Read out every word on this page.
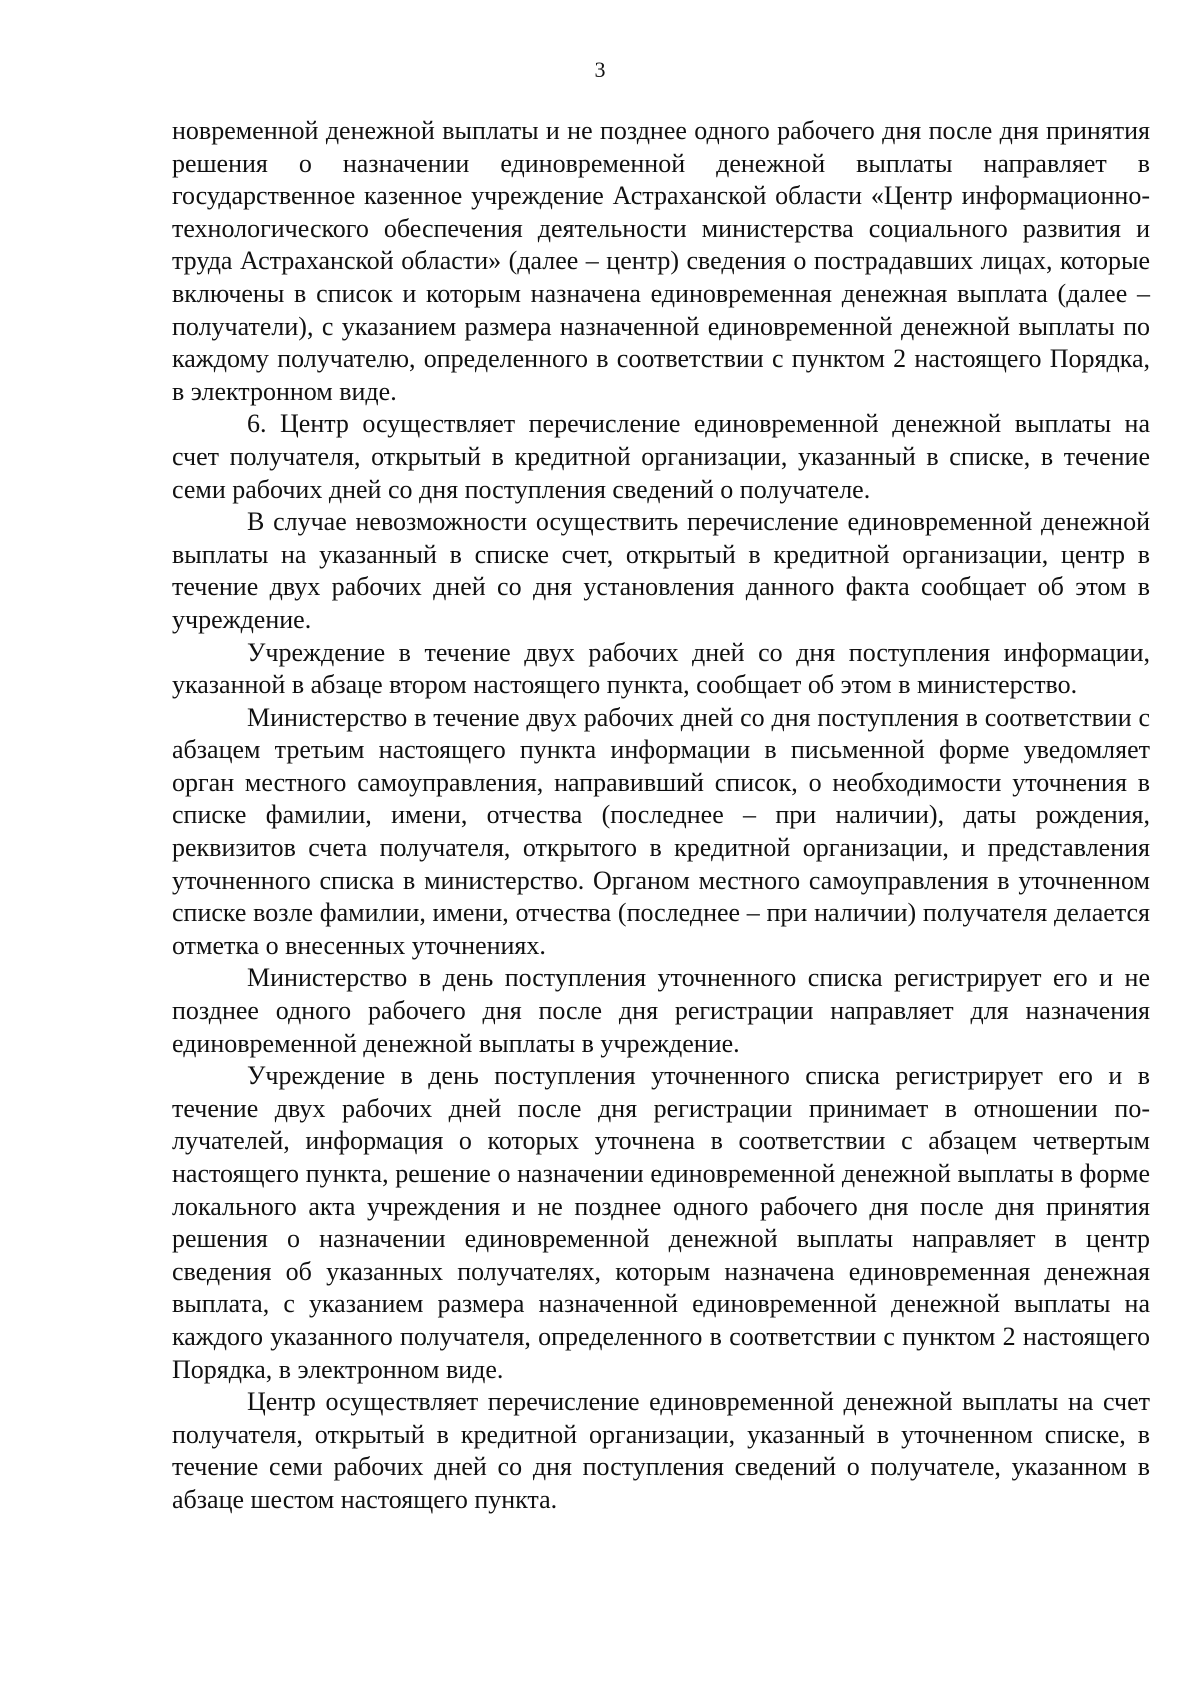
3

новременной денежной выплаты и не позднее одного рабочего дня после дня принятия решения о назначении единовременной денежной выплаты направляет в государственное казенное учреждение Астраханской области «Центр информационно-технологического обеспечения деятельности министерства социального развития и труда Астраханской области» (далее – центр) сведения о пострадавших лицах, которые включены в список и которым назначена единовременная денежная выплата (далее – получатели), с указанием размера назначенной единовременной денежной выплаты по каждому получателю, определенного в соответствии с пунктом 2 настоящего Порядка, в электронном виде.

6. Центр осуществляет перечисление единовременной денежной выплаты на счет получателя, открытый в кредитной организации, указанный в списке, в течение семи рабочих дней со дня поступления сведений о получателе.

В случае невозможности осуществить перечисление единовременной денежной выплаты на указанный в списке счет, открытый в кредитной организации, центр в течение двух рабочих дней со дня установления данного факта сообщает об этом в учреждение.

Учреждение в течение двух рабочих дней со дня поступления информации, указанной в абзаце втором настоящего пункта, сообщает об этом в министерство.

Министерство в течение двух рабочих дней со дня поступления в соответствии с абзацем третьим настоящего пункта информации в письменной форме уведомляет орган местного самоуправления, направивший список, о необходимости уточнения в списке фамилии, имени, отчества (последнее – при наличии), даты рождения, реквизитов счета получателя, открытого в кредитной организации, и представления уточненного списка в министерство. Органом местного самоуправления в уточненном списке возле фамилии, имени, отчества (последнее – при наличии) получателя делается отметка о внесенных уточнениях.

Министерство в день поступления уточненного списка регистрирует его и не позднее одного рабочего дня после дня регистрации направляет для назначения единовременной денежной выплаты в учреждение.

Учреждение в день поступления уточненного списка регистрирует его и в течение двух рабочих дней после дня регистрации принимает в отношении получателей, информация о которых уточнена в соответствии с абзацем четвертым настоящего пункта, решение о назначении единовременной денежной выплаты в форме локального акта учреждения и не позднее одного рабочего дня после дня принятия решения о назначении единовременной денежной выплаты направляет в центр сведения об указанных получателях, которым назначена единовременная денежная выплата, с указанием размера назначенной единовременной денежной выплаты на каждого указанного получателя, определенного в соответствии с пунктом 2 настоящего Порядка, в электронном виде.

Центр осуществляет перечисление единовременной денежной выплаты на счет получателя, открытый в кредитной организации, указанный в уточненном списке, в течение семи рабочих дней со дня поступления сведений о получателе, указанном в абзаце шестом настоящего пункта.
